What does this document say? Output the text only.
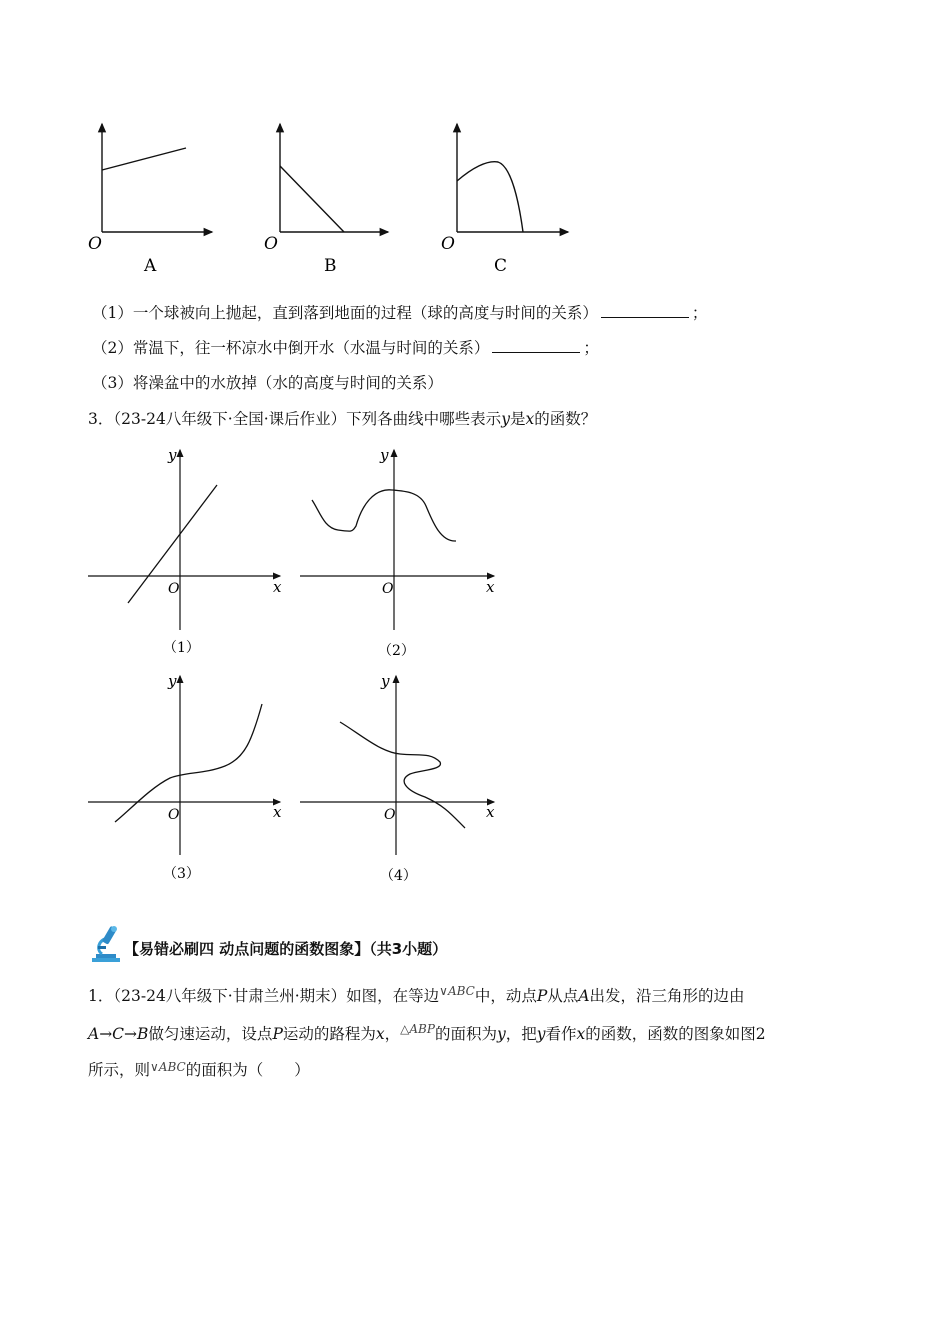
O
A
O
B
O
C
（1）一个球被向上抛起，直到落到地面的过程（球的高度与时间的关系）	；
（2）常温下，往一杯凉水中倒开水（水温与时间的关系）	；
（3）将澡盆中的水放掉（水的高度与时间的关系）
3．（23-24八年级下·全国·课后作业）下列各曲线中哪些表示y是x的函数？
y
x
O
（1）
y
x
O
（2）
y
x
O
（3）
y
x
O
（4）
【易错必刷四 动点问题的函数图象】（共3小题）
1．（23-24八年级下·甘肃兰州·期末）如图，在等边$^{\vee ABC}$中，动点P从点A出发，沿三角形的边由
A→C→B做匀速运动，设点P运动的路程为x，$^{\triangle ABP}$的面积为y，把y看作x的函数，函数的图象如图2
所示，则$^{\vee ABC}$的面积为（　　）
